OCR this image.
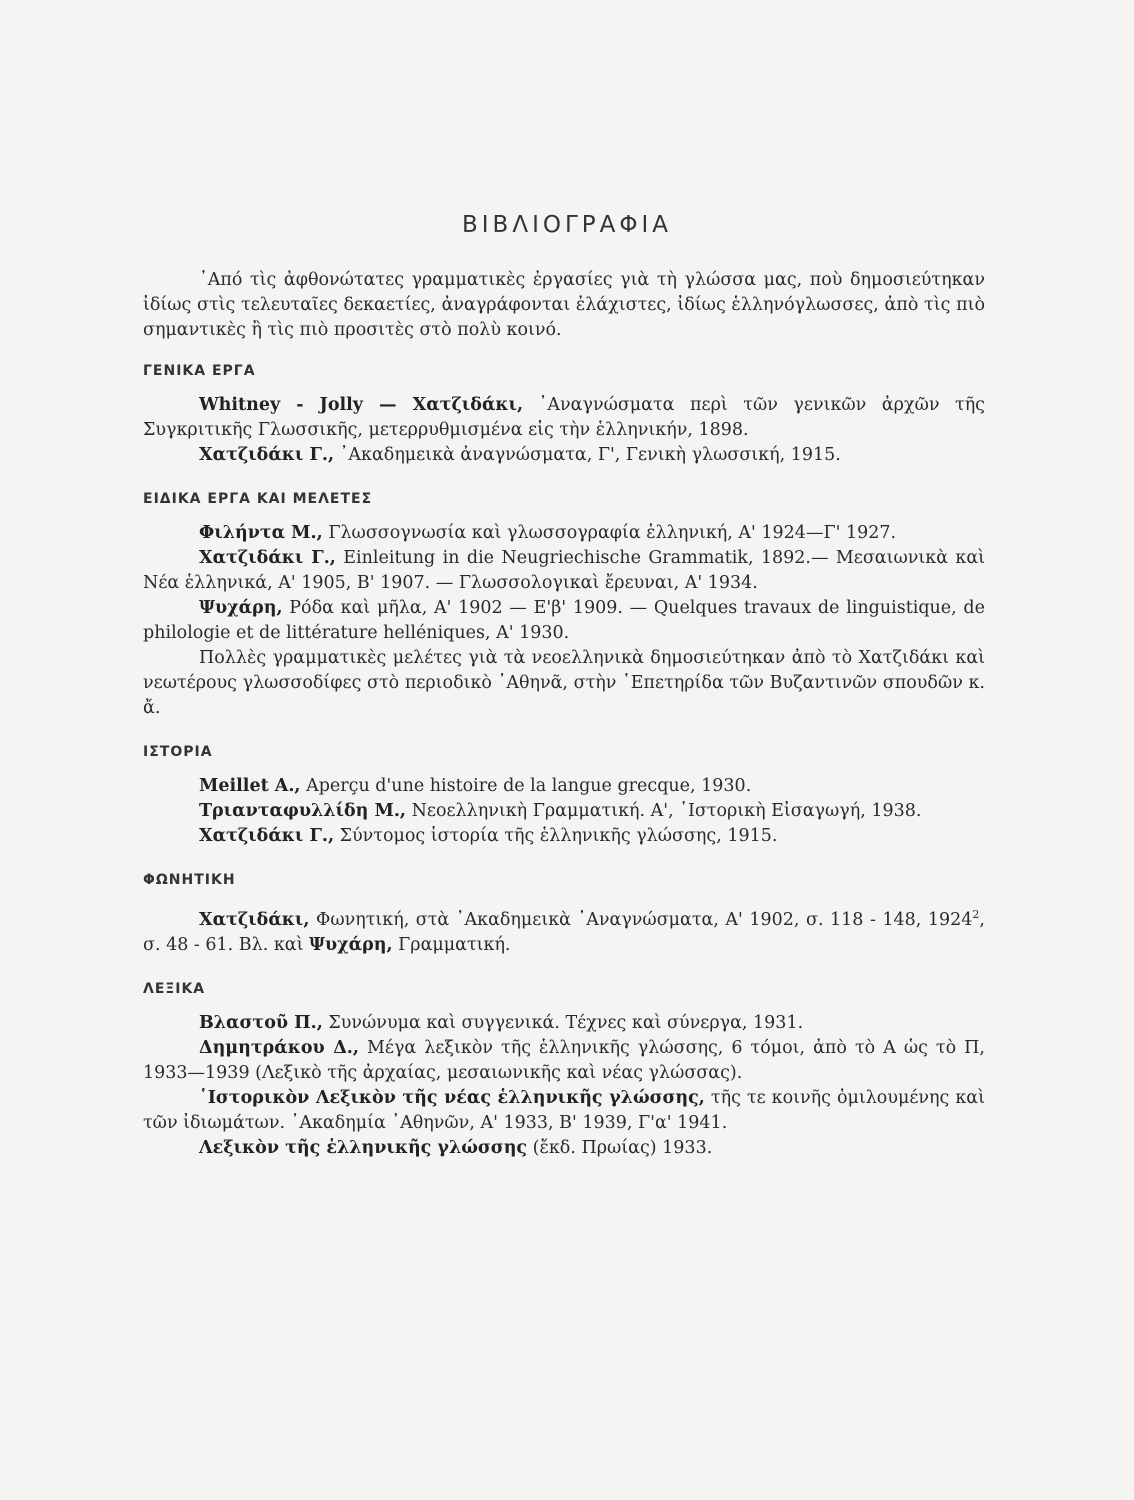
ΒΙΒΛΙΟΓΡΑΦΙΑ

᾿Από τὶς ἀφθονώτατες γραμματικὲς ἐργασίες γιὰ τὴ γλώσσα μας, ποὺ δημοσιεύτηκαν ἰδίως στὶς τελευταῖες δεκαετίες, ἀναγράφονται ἐλάχιστες, ἰδίως ἑλληνόγλωσσες, ἀπὸ τὶς πιὸ σημαντικὲς ἢ τὶς πιὸ προσιτὲς στὸ πολὺ κοινό.

ΓΕΝΙΚΑ ΕΡΓΑ

Whitney - Jolly — Χατζιδάκι, ᾿Αναγνώσματα περὶ τῶν γενικῶν ἀρχῶν τῆς Συγκριτικῆς Γλωσσικῆς, μετερρυθμισμένα εἰς τὴν ἑλληνικήν, 1898.

Χατζιδάκι Γ., ᾿Ακαδημεικὰ ἀναγνώσματα, Γ', Γενικὴ γλωσσική, 1915.

ΕΙΔΙΚΑ ΕΡΓΑ ΚΑΙ ΜΕΛΕΤΕΣ

Φιλήντα Μ., Γλωσσογνωσία καὶ γλωσσογραφία ἑλληνική, Α' 1924—Γ' 1927.

Χατζιδάκι Γ., Einleitung in die Neugriechische Grammatik, 1892.— Μεσαιωνικὰ καὶ Νέα ἑλληνικά, Α' 1905, Β' 1907. — Γλωσσολογικαὶ ἔρευναι, Α' 1934.

Ψυχάρη, Ρόδα καὶ μῆλα, Α' 1902 — Ε'β' 1909. — Quelques travaux de linguistique, de philologie et de littérature helléniques, Α' 1930.

Πολλὲς γραμματικὲς μελέτες γιὰ τὰ νεοελληνικὰ δημοσιεύτηκαν ἀπὸ τὸ Χατζιδάκι καὶ νεωτέρους γλωσσοδίφες στὸ περιοδικὸ ᾿Αθηνᾶ, στὴν ῾Επετηρίδα τῶν Βυζαντινῶν σπουδῶν κ. ἄ.

ΙΣΤΟΡΙΑ

Meillet A., Aperçu d'une histoire de la langue grecque, 1930.

Τριανταφυλλίδη Μ., Νεοελληνικὴ Γραμματική. Α', ῾Ιστορικὴ Εἰσαγωγή, 1938.

Χατζιδάκι Γ., Σύντομος ἱστορία τῆς ἑλληνικῆς γλώσσης, 1915.

ΦΩΝΗΤΙΚΗ

Χατζιδάκι, Φωνητική, στὰ ᾿Ακαδημεικὰ ᾿Αναγνώσματα, Α' 1902, σ. 118 - 148, 1924$^2$, σ. 48 - 61. Βλ. καὶ Ψυχάρη, Γραμματική.

ΛΕΞΙΚΑ

Βλαστοῦ Π., Συνώνυμα καὶ συγγενικά. Τέχνες καὶ σύνεργα, 1931.

Δημητράκου Δ., Μέγα λεξικὸν τῆς ἑλληνικῆς γλώσσης, 6 τόμοι, ἀπὸ τὸ Α ὡς τὸ Π, 1933—1939 (Λεξικὸ τῆς ἀρχαίας, μεσαιωνικῆς καὶ νέας γλώσσας).

῾Ιστορικὸν Λεξικὸν τῆς νέας ἑλληνικῆς γλώσσης, τῆς τε κοινῆς ὁμιλουμένης καὶ τῶν ἰδιωμάτων. ᾿Ακαδημία ᾿Αθηνῶν, Α' 1933, Β' 1939, Γ'α' 1941.

Λεξικὸν τῆς ἑλληνικῆς γλώσσης (ἔκδ. Πρωίας) 1933.
